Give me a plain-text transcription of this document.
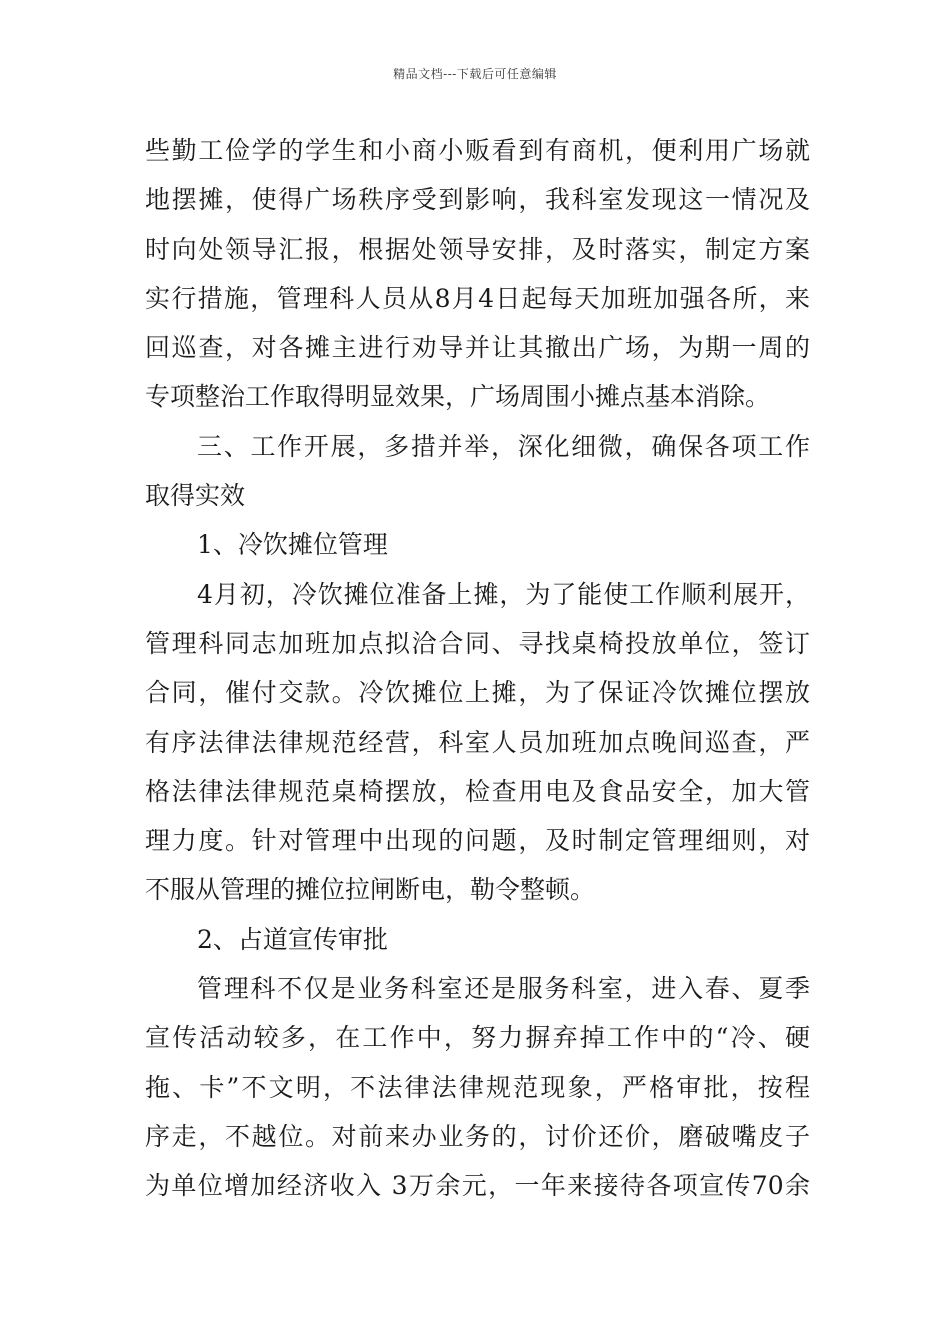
精品文档---下载后可任意编辑
些勤工俭学的学生和小商小贩看到有商机，便利用广场就
地摆摊，使得广场秩序受到影响，我科室发现这一情况及
时向处领导汇报，根据处领导安排，及时落实，制定方案
实行措施，管理科人员从8月4日起每天加班加强各所，来
回巡查，对各摊主进行劝导并让其撤出广场，为期一周的
专项整治工作取得明显效果，广场周围小摊点基本消除。
三、工作开展，多措并举，深化细微，确保各项工作
取得实效
1、冷饮摊位管理
4月初，冷饮摊位准备上摊，为了能使工作顺利展开，
管理科同志加班加点拟洽合同、寻找桌椅投放单位，签订
合同，催付交款。冷饮摊位上摊，为了保证冷饮摊位摆放
有序法律法律规范经营，科室人员加班加点晚间巡查，严
格法律法律规范桌椅摆放，检查用电及食品安全，加大管
理力度。针对管理中出现的问题，及时制定管理细则，对
不服从管理的摊位拉闸断电，勒令整顿。
2、占道宣传审批
管理科不仅是业务科室还是服务科室，进入春、夏季
宣传活动较多，在工作中，努力摒弃掉工作中的“冷、硬
拖、卡”不文明，不法律法律规范现象，严格审批，按程
序走，不越位。对前来办业务的，讨价还价，磨破嘴皮子
为单位增加经济收入 3万余元，一年来接待各项宣传70余
